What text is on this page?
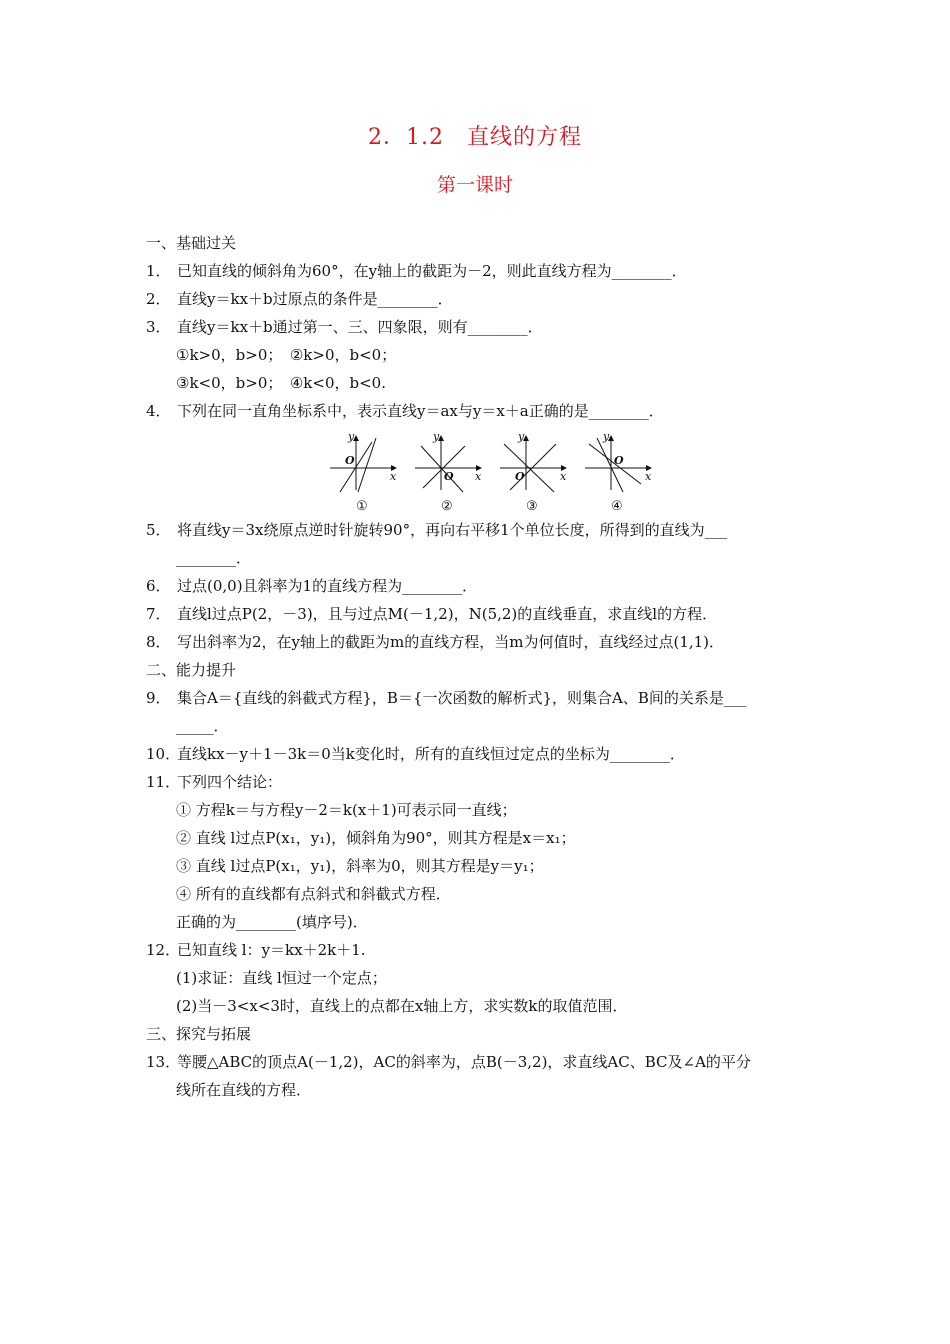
2．1.2　直线的方程
第一课时
一、基础过关
1． 已知直线的倾斜角为60°，在y轴上的截距为－2，则此直线方程为________．
2． 直线y＝kx＋b过原点的条件是________．
3． 直线y＝kx＋b通过第一、三、四象限，则有________．
①k>0，b>0；　②k>0，b<0；
③k<0，b>0；　④k<0，b<0.
4． 下列在同一直角坐标系中，表示直线y＝ax与y＝x＋a正确的是________．
y
x
O
①
y
x
O
②
y
x
O
③
y
x
O
④
5． 将直线y＝3x绕原点逆时针旋转90°，再向右平移1个单位长度，所得到的直线为___
________．
6． 过点(0,0)且斜率为1的直线方程为________．
7． 直线l过点P(2，－3)，且与过点M(－1,2)，N(5,2)的直线垂直，求直线l的方程．
8． 写出斜率为2，在y轴上的截距为m的直线方程，当m为何值时，直线经过点(1,1)．
二、能力提升
9． 集合A＝{直线的斜截式方程}，B＝{一次函数的解析式}，则集合A、B间的关系是___
_____．
10．直线kx－y＋1－3k＝0当k变化时，所有的直线恒过定点的坐标为________．
11．下列四个结论：
① 方程k＝与方程y－2＝k(x＋1)可表示同一直线；
② 直线 l过点P(x₁，y₁)，倾斜角为90°，则其方程是x＝x₁；
③ 直线 l过点P(x₁，y₁)，斜率为0，则其方程是y＝y₁；
④ 所有的直线都有点斜式和斜截式方程．
正确的为________(填序号)．
12．已知直线 l：y＝kx＋2k＋1.
(1)求证：直线 l恒过一个定点；
(2)当－3<x<3时，直线上的点都在x轴上方，求实数k的取值范围．
三、探究与拓展
13．等腰△ABC的顶点A(－1,2)，AC的斜率为，点B(－3,2)，求直线AC、BC及∠A的平分
线所在直线的方程．
